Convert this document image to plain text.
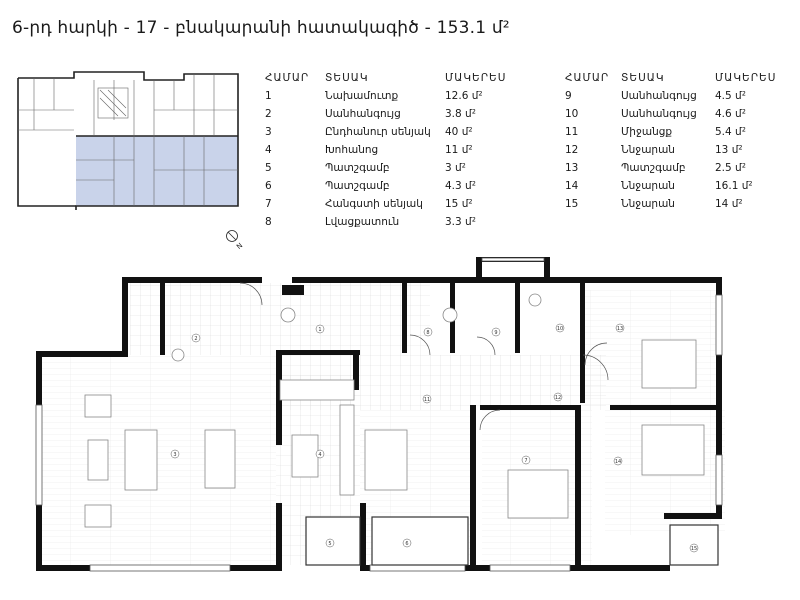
6-րդ հարկի - 17 - բնակարանի հատակագիծ - 153.1 մ²
N
ՀԱՄԱՐ ՏԵՍԱԿ	ՄԱԿԵՐԵՍ
1	Նախամուտք	12.6 մ²
2	Սանհանգույց	3.8 մ²
3	Ընդհանուր սենյակ 40 մ²
4	Խոհանոց	11 մ²
5	Պատշգամբ	3 մ²
6	Պատշգամբ	4.3 մ²
7	Հանգստի սենյակ 15 մ²
8	Լվացքատուն	3.3 մ²
ՀԱՄԱՐ ՏԵՍԱԿ	ՄԱԿԵՐԵՍ
9	Սանհանգույց 4.5 մ²
10	Սանհանգույց 4.6 մ²
11	Միջանցք	5.4 մ²
12	Ննջարան	13 մ²
13	Պատշգամբ	2.5 մ²
14	Ննջարան	16.1 մ²
15	Ննջարան	14 մ²
1
2
3	4
5	6
7
8	9
10
11	12
13
14
15
